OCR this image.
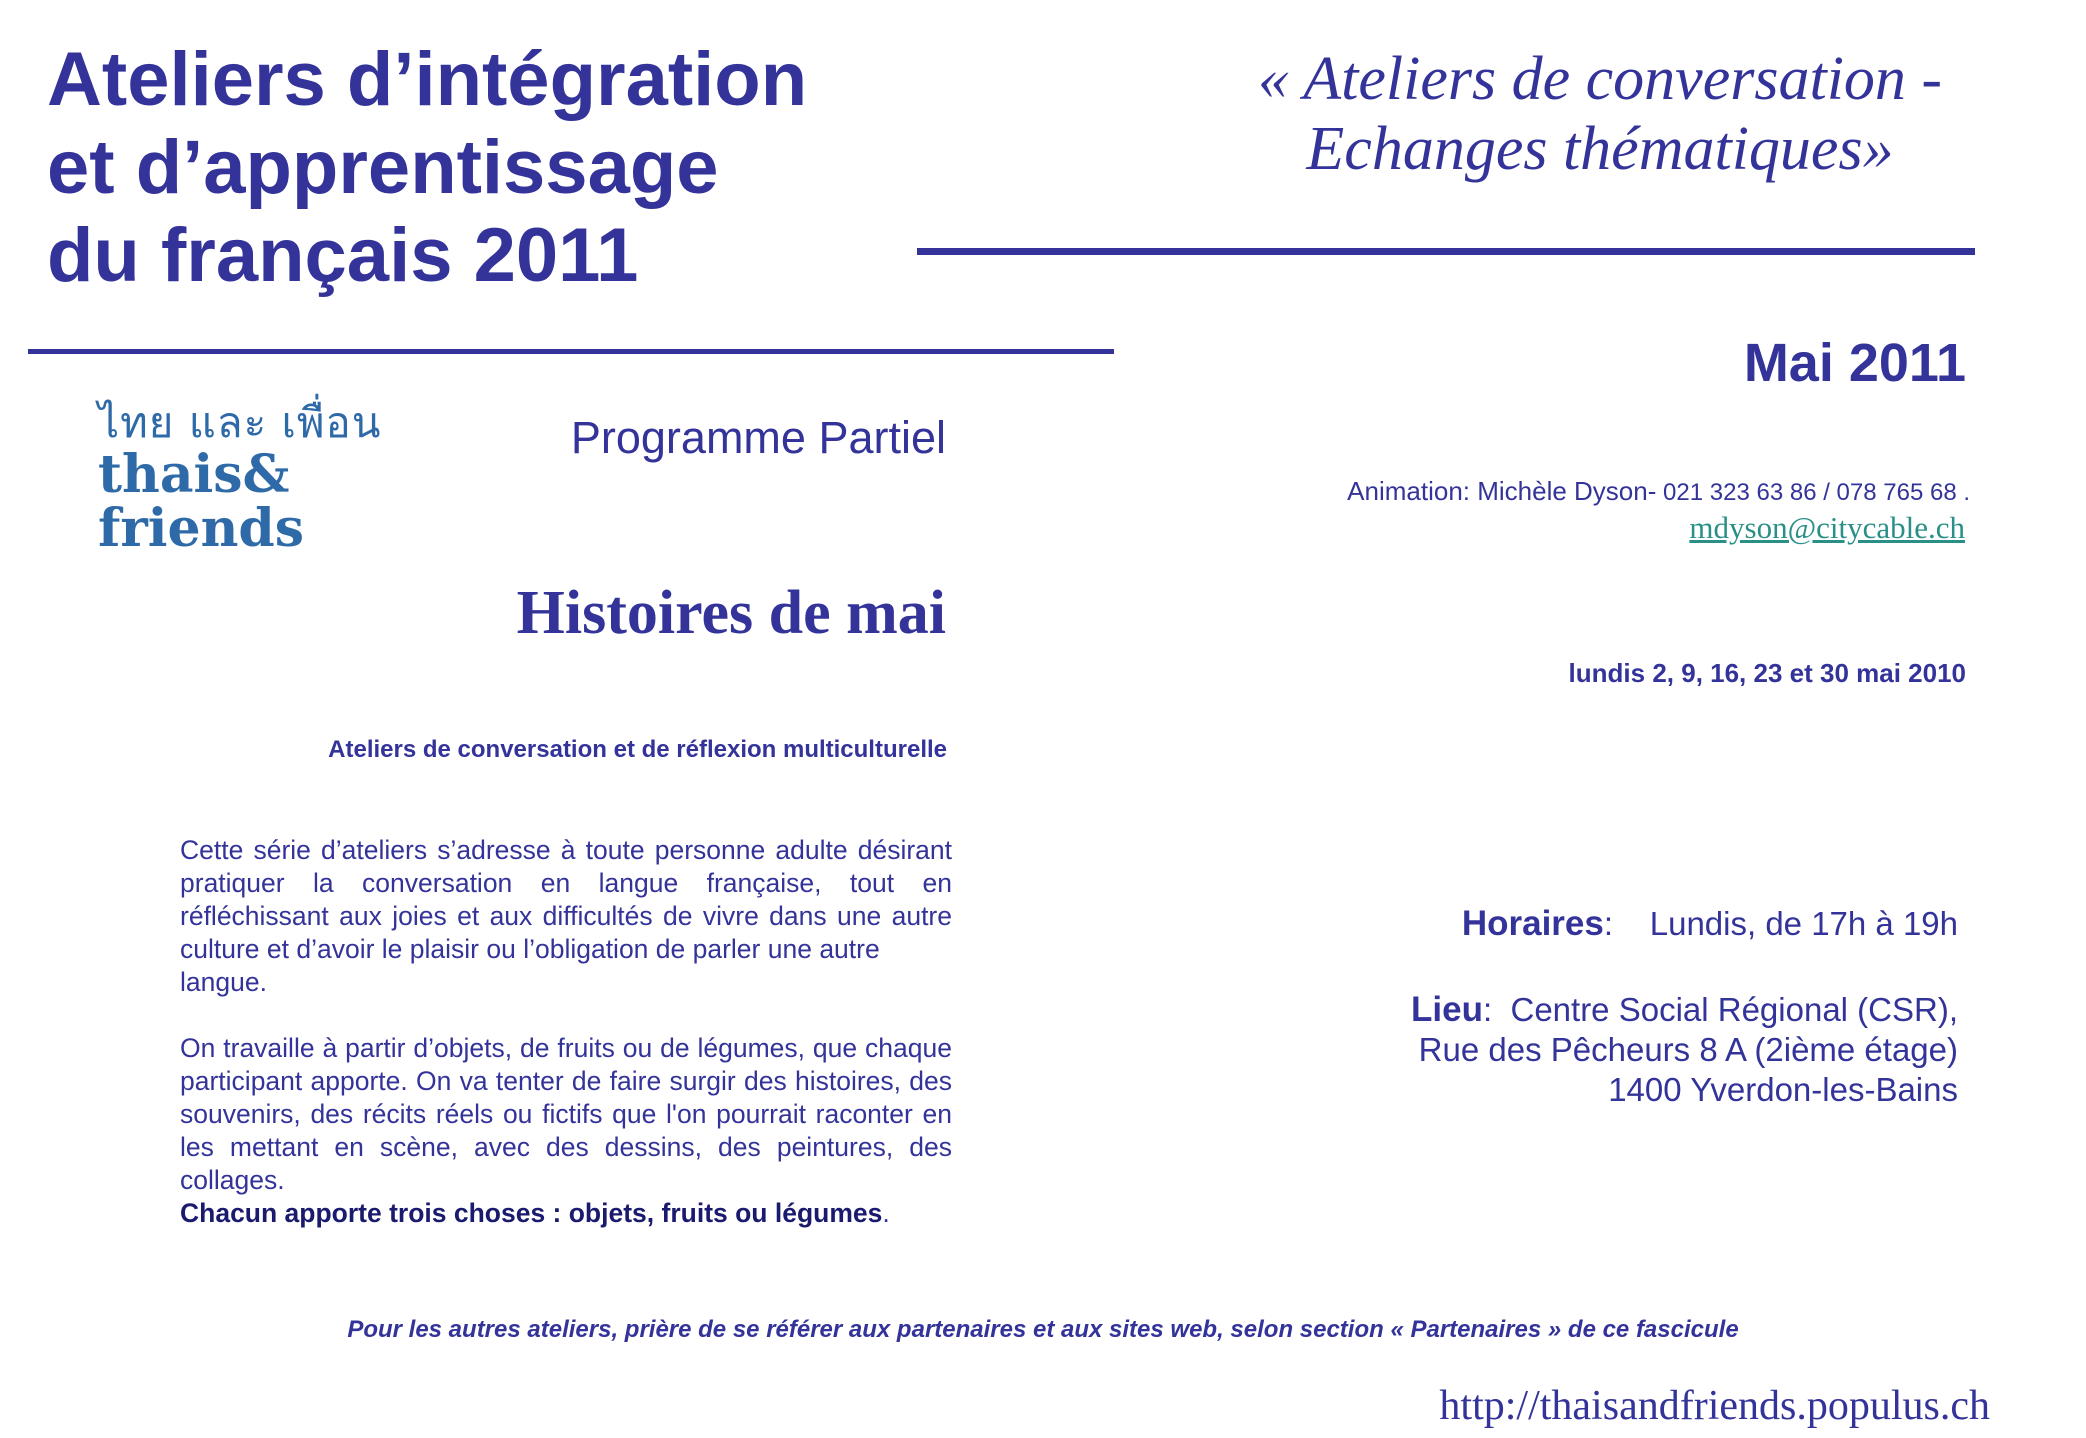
Ateliers d’intégration
et d’apprentissage
du français 2011
« Ateliers de conversation -
Echanges thématiques»
Mai 2011
ไทย และ เพื่อน
thais&
friends
Programme Partiel
Animation: Michèle Dyson- 021 323 63 86 / 078 765 68 .
mdyson@citycable.ch
Histoires de mai
lundis 2, 9, 16, 23 et 30 mai 2010
Ateliers de conversation et de réflexion multiculturelle

Cette série d’ateliers s’adresse à toute personne adulte désirant pratiquer la conversation en langue française, tout en réfléchissant aux joies et aux difficultés de vivre dans une autre culture et d’avoir le plaisir ou l’obligation de parler une autre

langue.

On travaille à partir d’objets, de fruits ou de légumes, que chaque participant apporte. On va tenter de faire surgir des histoires, des souvenirs, des récits réels ou fictifs que l'on pourrait raconter en les mettant en scène, avec des dessins, des peintures, des collages.

Chacun apporte trois choses : objets, fruits ou légumes.

Horaires: Lundis, de 17h à 19h
Lieu: Centre Social Régional (CSR),
Rue des Pêcheurs 8 A (2ième étage)
1400 Yverdon-les-Bains
Pour les autres ateliers, prière de se référer aux partenaires et aux sites web, selon section « Partenaires » de ce fascicule
http://thaisandfriends.populus.ch
